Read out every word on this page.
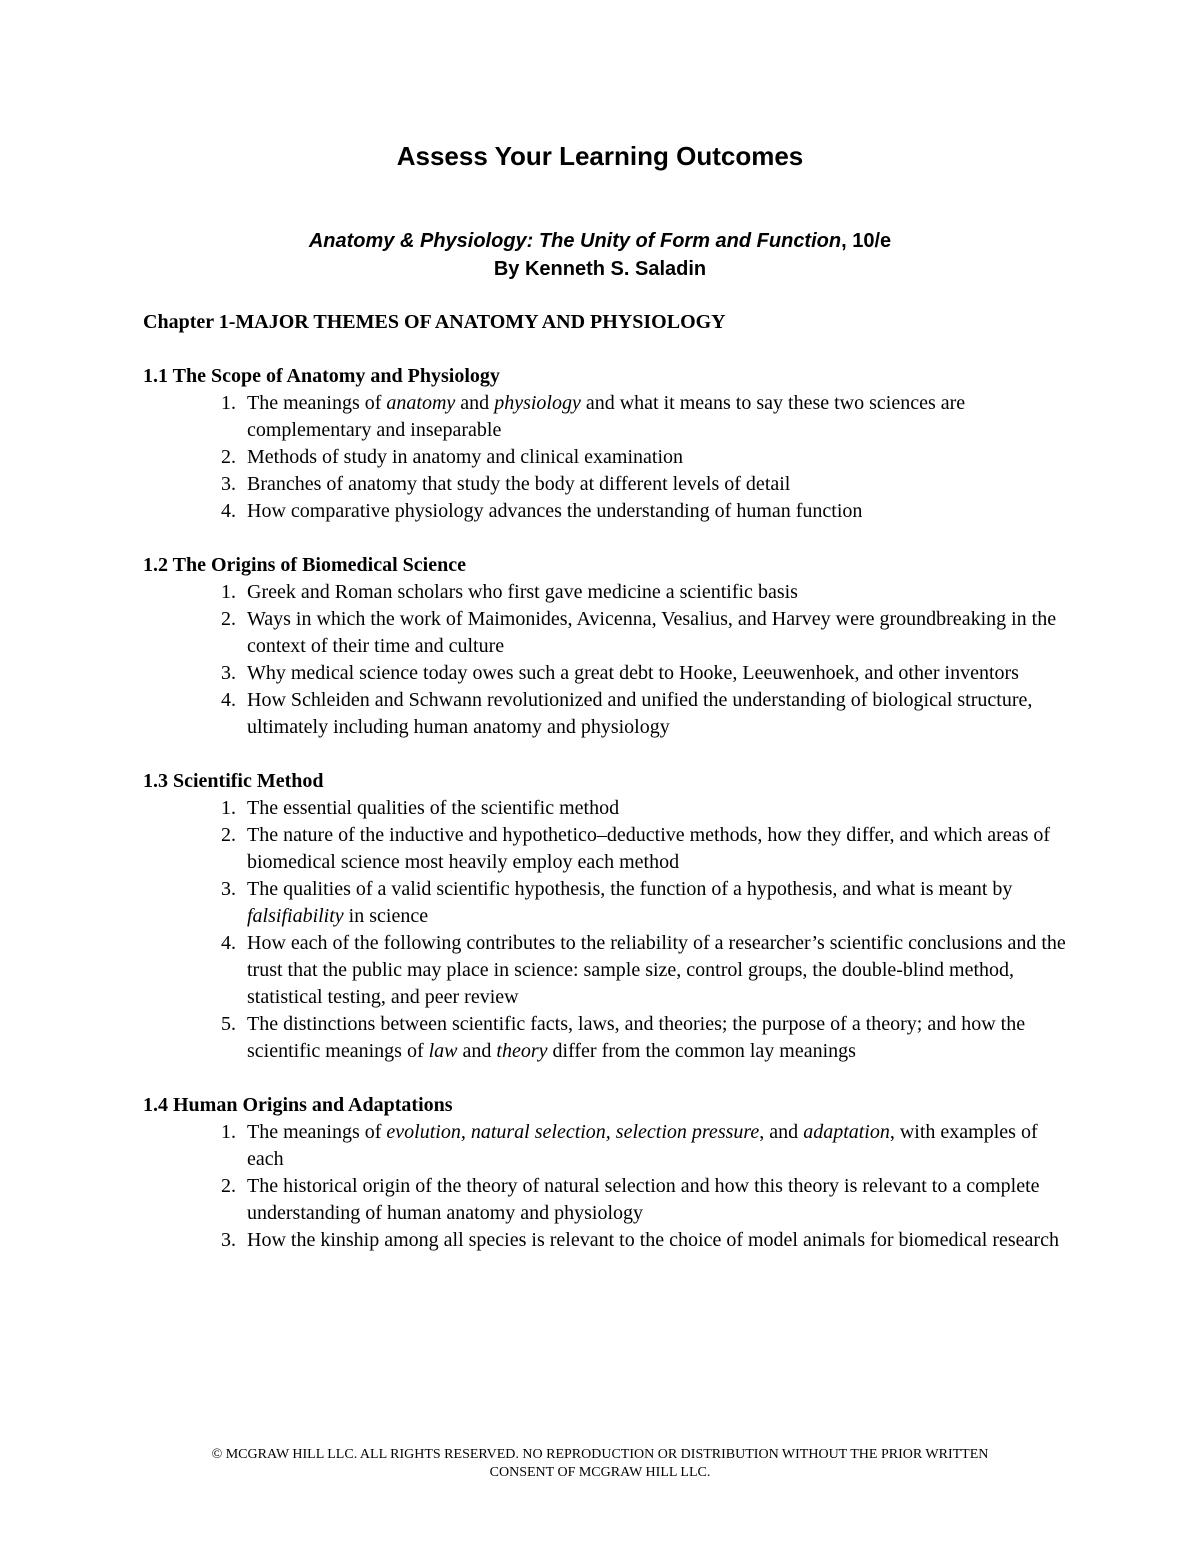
Assess Your Learning Outcomes
Anatomy & Physiology: The Unity of Form and Function, 10/e
By Kenneth S. Saladin
Chapter 1-MAJOR THEMES OF ANATOMY AND PHYSIOLOGY
1.1 The Scope of Anatomy and Physiology
1. The meanings of anatomy and physiology and what it means to say these two sciences are complementary and inseparable
2. Methods of study in anatomy and clinical examination
3. Branches of anatomy that study the body at different levels of detail
4. How comparative physiology advances the understanding of human function
1.2 The Origins of Biomedical Science
1. Greek and Roman scholars who first gave medicine a scientific basis
2. Ways in which the work of Maimonides, Avicenna, Vesalius, and Harvey were groundbreaking in the context of their time and culture
3. Why medical science today owes such a great debt to Hooke, Leeuwenhoek, and other inventors
4. How Schleiden and Schwann revolutionized and unified the understanding of biological structure, ultimately including human anatomy and physiology
1.3 Scientific Method
1. The essential qualities of the scientific method
2. The nature of the inductive and hypothetico–deductive methods, how they differ, and which areas of biomedical science most heavily employ each method
3. The qualities of a valid scientific hypothesis, the function of a hypothesis, and what is meant by falsifiability in science
4. How each of the following contributes to the reliability of a researcher’s scientific conclusions and the trust that the public may place in science: sample size, control groups, the double-blind method, statistical testing, and peer review
5. The distinctions between scientific facts, laws, and theories; the purpose of a theory; and how the scientific meanings of law and theory differ from the common lay meanings
1.4 Human Origins and Adaptations
1. The meanings of evolution, natural selection, selection pressure, and adaptation, with examples of each
2. The historical origin of the theory of natural selection and how this theory is relevant to a complete understanding of human anatomy and physiology
3. How the kinship among all species is relevant to the choice of model animals for biomedical research
© MCGRAW HILL LLC. ALL RIGHTS RESERVED. NO REPRODUCTION OR DISTRIBUTION WITHOUT THE PRIOR WRITTEN
CONSENT OF MCGRAW HILL LLC.
